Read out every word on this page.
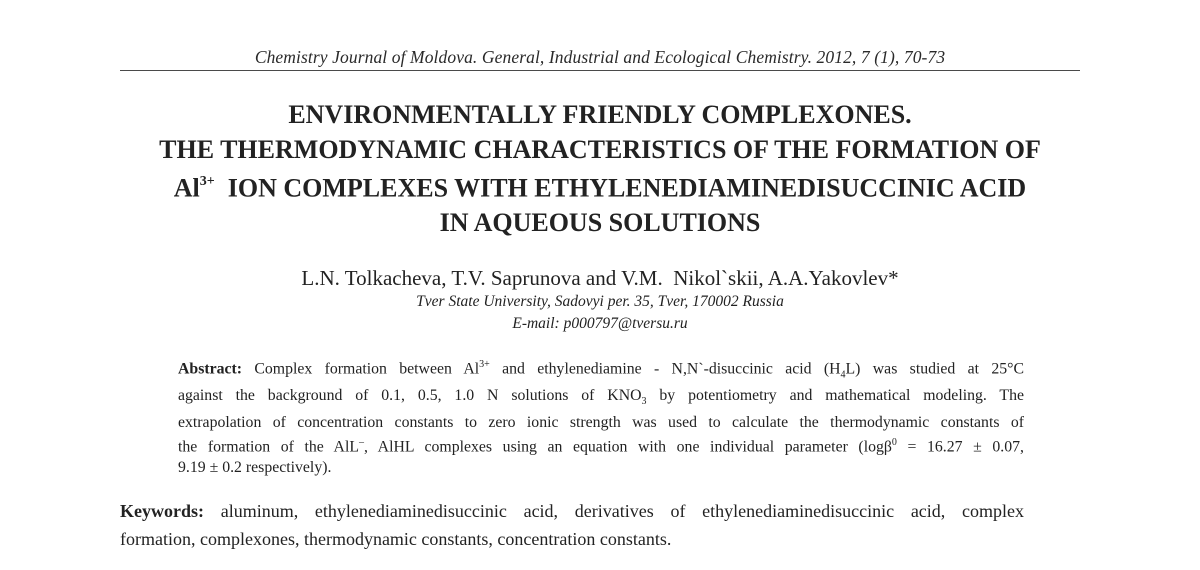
Chemistry Journal of Moldova. General, Industrial and Ecological Chemistry. 2012, 7 (1), 70-73
ENVIRONMENTALLY FRIENDLY COMPLEXONES.
THE THERMODYNAMIC CHARACTERISTICS OF THE FORMATION OF
$Al^{3+}$  ION COMPLEXES WITH ETHYLENEDIAMINEDISUCCINIC ACID
IN AQUEOUS SOLUTIONS
L.N. Tolkacheva, T.V. Saprunova and V.M.  Nikol`skii, A.A.Yakovlev*
Tver State University, Sadovyi per. 35, Tver, 170002 Russia
E-mail: p000797@tversu.ru
Abstract: Complex formation between $Al^{3+}$ and ethylenediamine - N,N`-disuccinic acid $(H_4L)$ was studied at 25°C
against the background of 0.1, 0.5, 1.0 N solutions of $KNO_3$ by potentiometry and mathematical modeling. The
extrapolation of concentration constants to zero ionic strength was used to calculate the thermodynamic constants of
the formation of the AlL–, AlHL complexes using an equation with one individual parameter (logβ$^0$ = 16.27 ± 0.07,
9.19 ± 0.2 respectively).
Keywords: aluminum, ethylenediaminedisuccinic acid, derivatives of ethylenediaminedisuccinic acid, complex
formation, complexones, thermodynamic constants, concentration constants.
